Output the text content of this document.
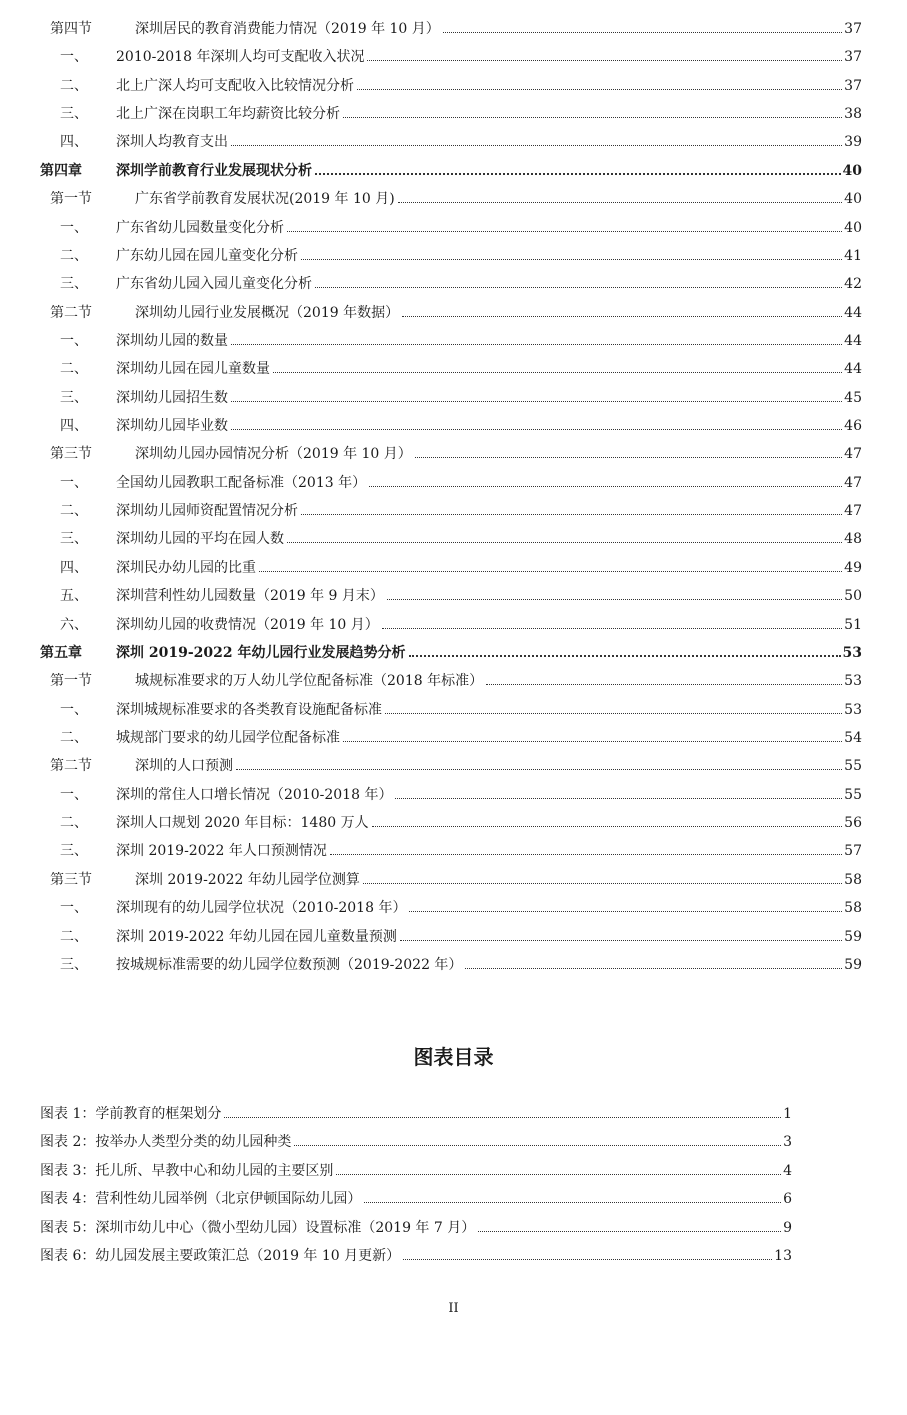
第四节	深圳居民的教育消费能力情况（2019 年 10 月）	37
一、 2010-2018 年深圳人均可支配收入状况	37
二、 北上广深人均可支配收入比较情况分析	37
三、 北上广深在岗职工年均薪资比较分析	38
四、 深圳人均教育支出	39
第四章 深圳学前教育行业发展现状分析	40
第一节	广东省学前教育发展状况(2019 年 10 月)	40
一、 广东省幼儿园数量变化分析	40
二、 广东幼儿园在园儿童变化分析	41
三、 广东省幼儿园入园儿童变化分析	42
第二节	深圳幼儿园行业发展概况（2019 年数据）	44
一、 深圳幼儿园的数量	44
二、 深圳幼儿园在园儿童数量	44
三、 深圳幼儿园招生数	45
四、 深圳幼儿园毕业数	46
第三节	深圳幼儿园办园情况分析（2019 年 10 月）	47
一、 全国幼儿园教职工配备标准（2013 年）	47
二、 深圳幼儿园师资配置情况分析	47
三、 深圳幼儿园的平均在园人数	48
四、 深圳民办幼儿园的比重	49
五、 深圳营利性幼儿园数量（2019 年 9 月末）	50
六、 深圳幼儿园的收费情况（2019 年 10 月）	51
第五章 深圳 2019-2022 年幼儿园行业发展趋势分析	53
第一节	城规标准要求的万人幼儿学位配备标准（2018 年标准）	53
一、 深圳城规标准要求的各类教育设施配备标准	53
二、 城规部门要求的幼儿园学位配备标准	54
第二节	深圳的人口预测	55
一、 深圳的常住人口增长情况（2010-2018 年）	55
二、 深圳人口规划 2020 年目标：1480 万人	56
三、 深圳 2019-2022 年人口预测情况	57
第三节	深圳 2019-2022 年幼儿园学位测算	58
一、 深圳现有的幼儿园学位状况（2010-2018 年）	58
二、 深圳 2019-2022 年幼儿园在园儿童数量预测	59
三、 按城规标准需要的幼儿园学位数预测（2019-2022 年）	59
图表目录
图表 1：学前教育的框架划分	1
图表 2：按举办人类型分类的幼儿园种类	3
图表 3：托儿所、早教中心和幼儿园的主要区别	4
图表 4：营利性幼儿园举例（北京伊顿国际幼儿园）	6
图表 5：深圳市幼儿中心（微小型幼儿园）设置标准（2019 年 7 月）	9
图表 6：幼儿园发展主要政策汇总（2019 年 10 月更新）	13
II
